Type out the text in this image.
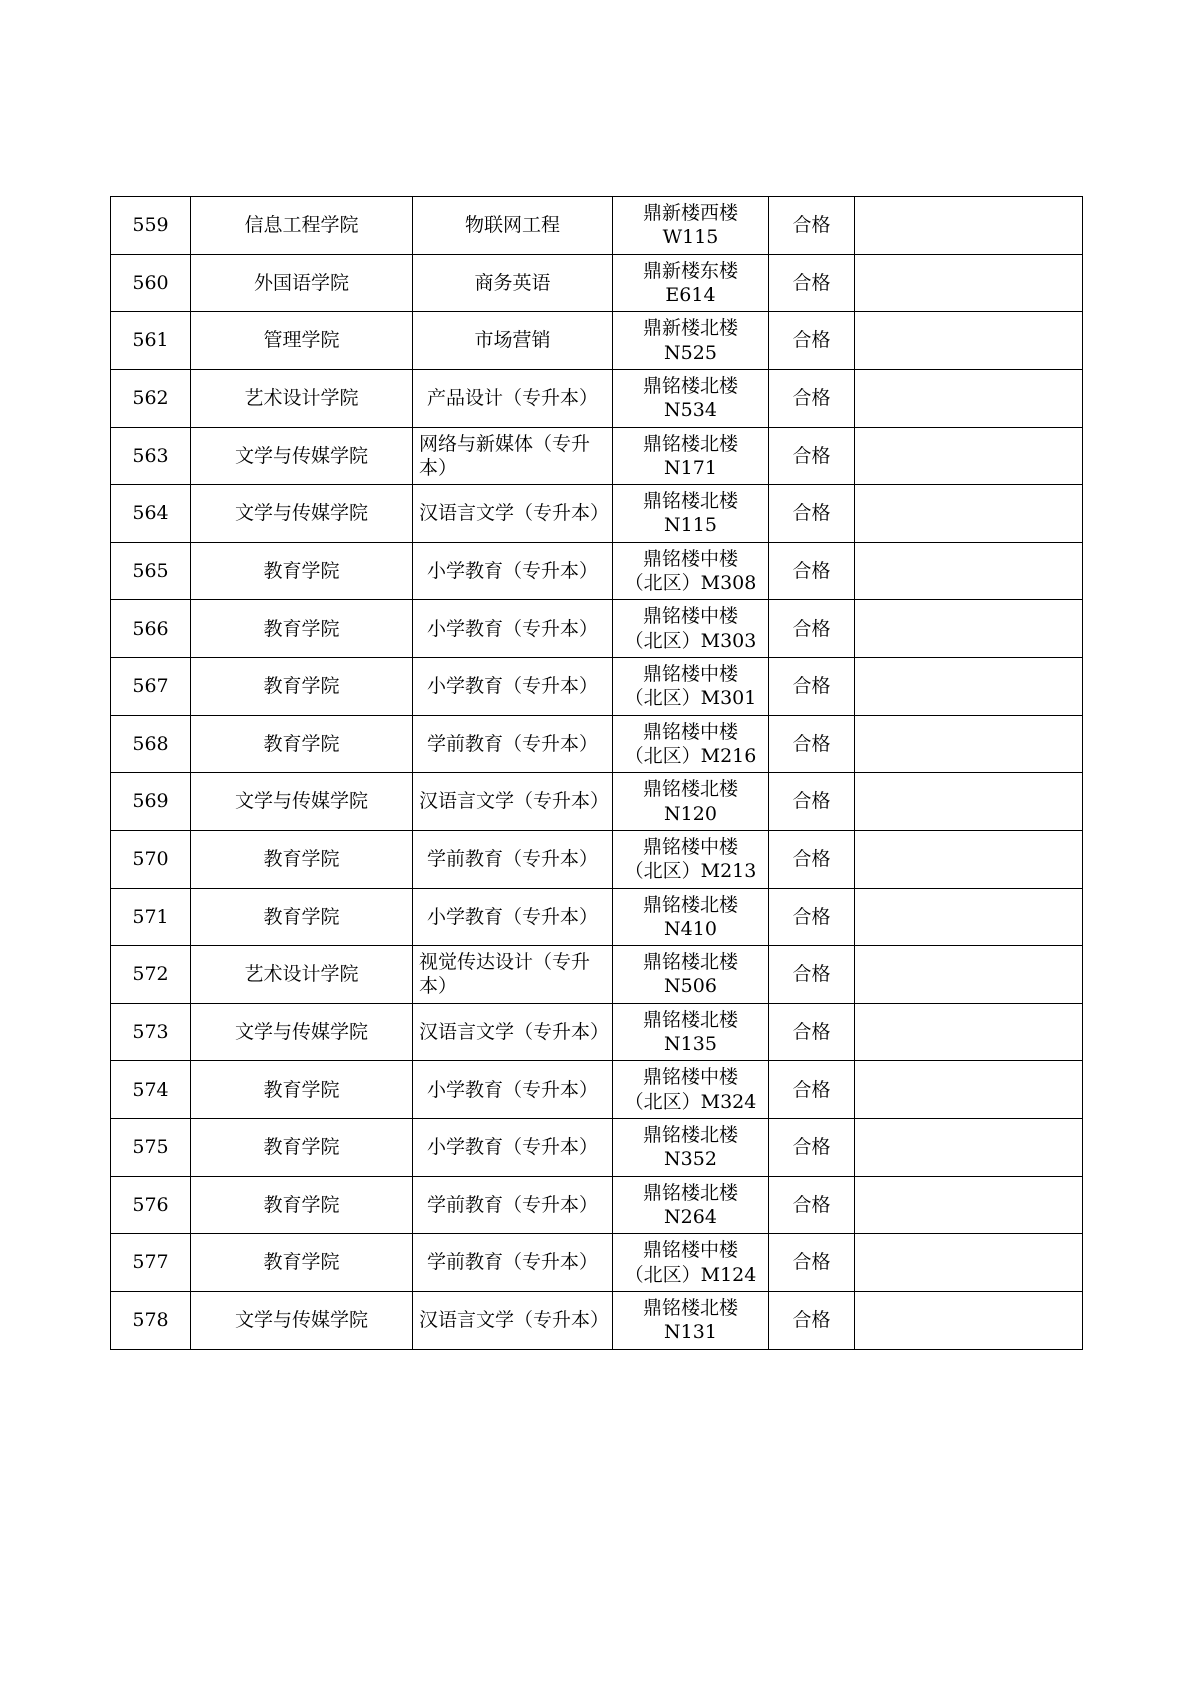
559	信息工程学院	物联网工程	鼎新楼西楼
W115	合格	
560	外国语学院	商务英语	鼎新楼东楼
E614	合格	
561	管理学院	市场营销	鼎新楼北楼
N525	合格	
562	艺术设计学院	产品设计（专升本）	鼎铭楼北楼
N534	合格	
563	文学与传媒学院	网络与新媒体（专升本）	鼎铭楼北楼
N171	合格	
564	文学与传媒学院	汉语言文学（专升本）	鼎铭楼北楼
N115	合格	
565	教育学院	小学教育（专升本）	鼎铭楼中楼
（北区）M308	合格	
566	教育学院	小学教育（专升本）	鼎铭楼中楼
（北区）M303	合格	
567	教育学院	小学教育（专升本）	鼎铭楼中楼
（北区）M301	合格	
568	教育学院	学前教育（专升本）	鼎铭楼中楼
（北区）M216	合格	
569	文学与传媒学院	汉语言文学（专升本）	鼎铭楼北楼
N120	合格	
570	教育学院	学前教育（专升本）	鼎铭楼中楼
（北区）M213	合格	
571	教育学院	小学教育（专升本）	鼎铭楼北楼
N410	合格	
572	艺术设计学院	视觉传达设计（专升本）	鼎铭楼北楼
N506	合格	
573	文学与传媒学院	汉语言文学（专升本）	鼎铭楼北楼
N135	合格	
574	教育学院	小学教育（专升本）	鼎铭楼中楼
（北区）M324	合格	
575	教育学院	小学教育（专升本）	鼎铭楼北楼
N352	合格	
576	教育学院	学前教育（专升本）	鼎铭楼北楼
N264	合格	
577	教育学院	学前教育（专升本）	鼎铭楼中楼
（北区）M124	合格	
578	文学与传媒学院	汉语言文学（专升本）	鼎铭楼北楼
N131	合格	
